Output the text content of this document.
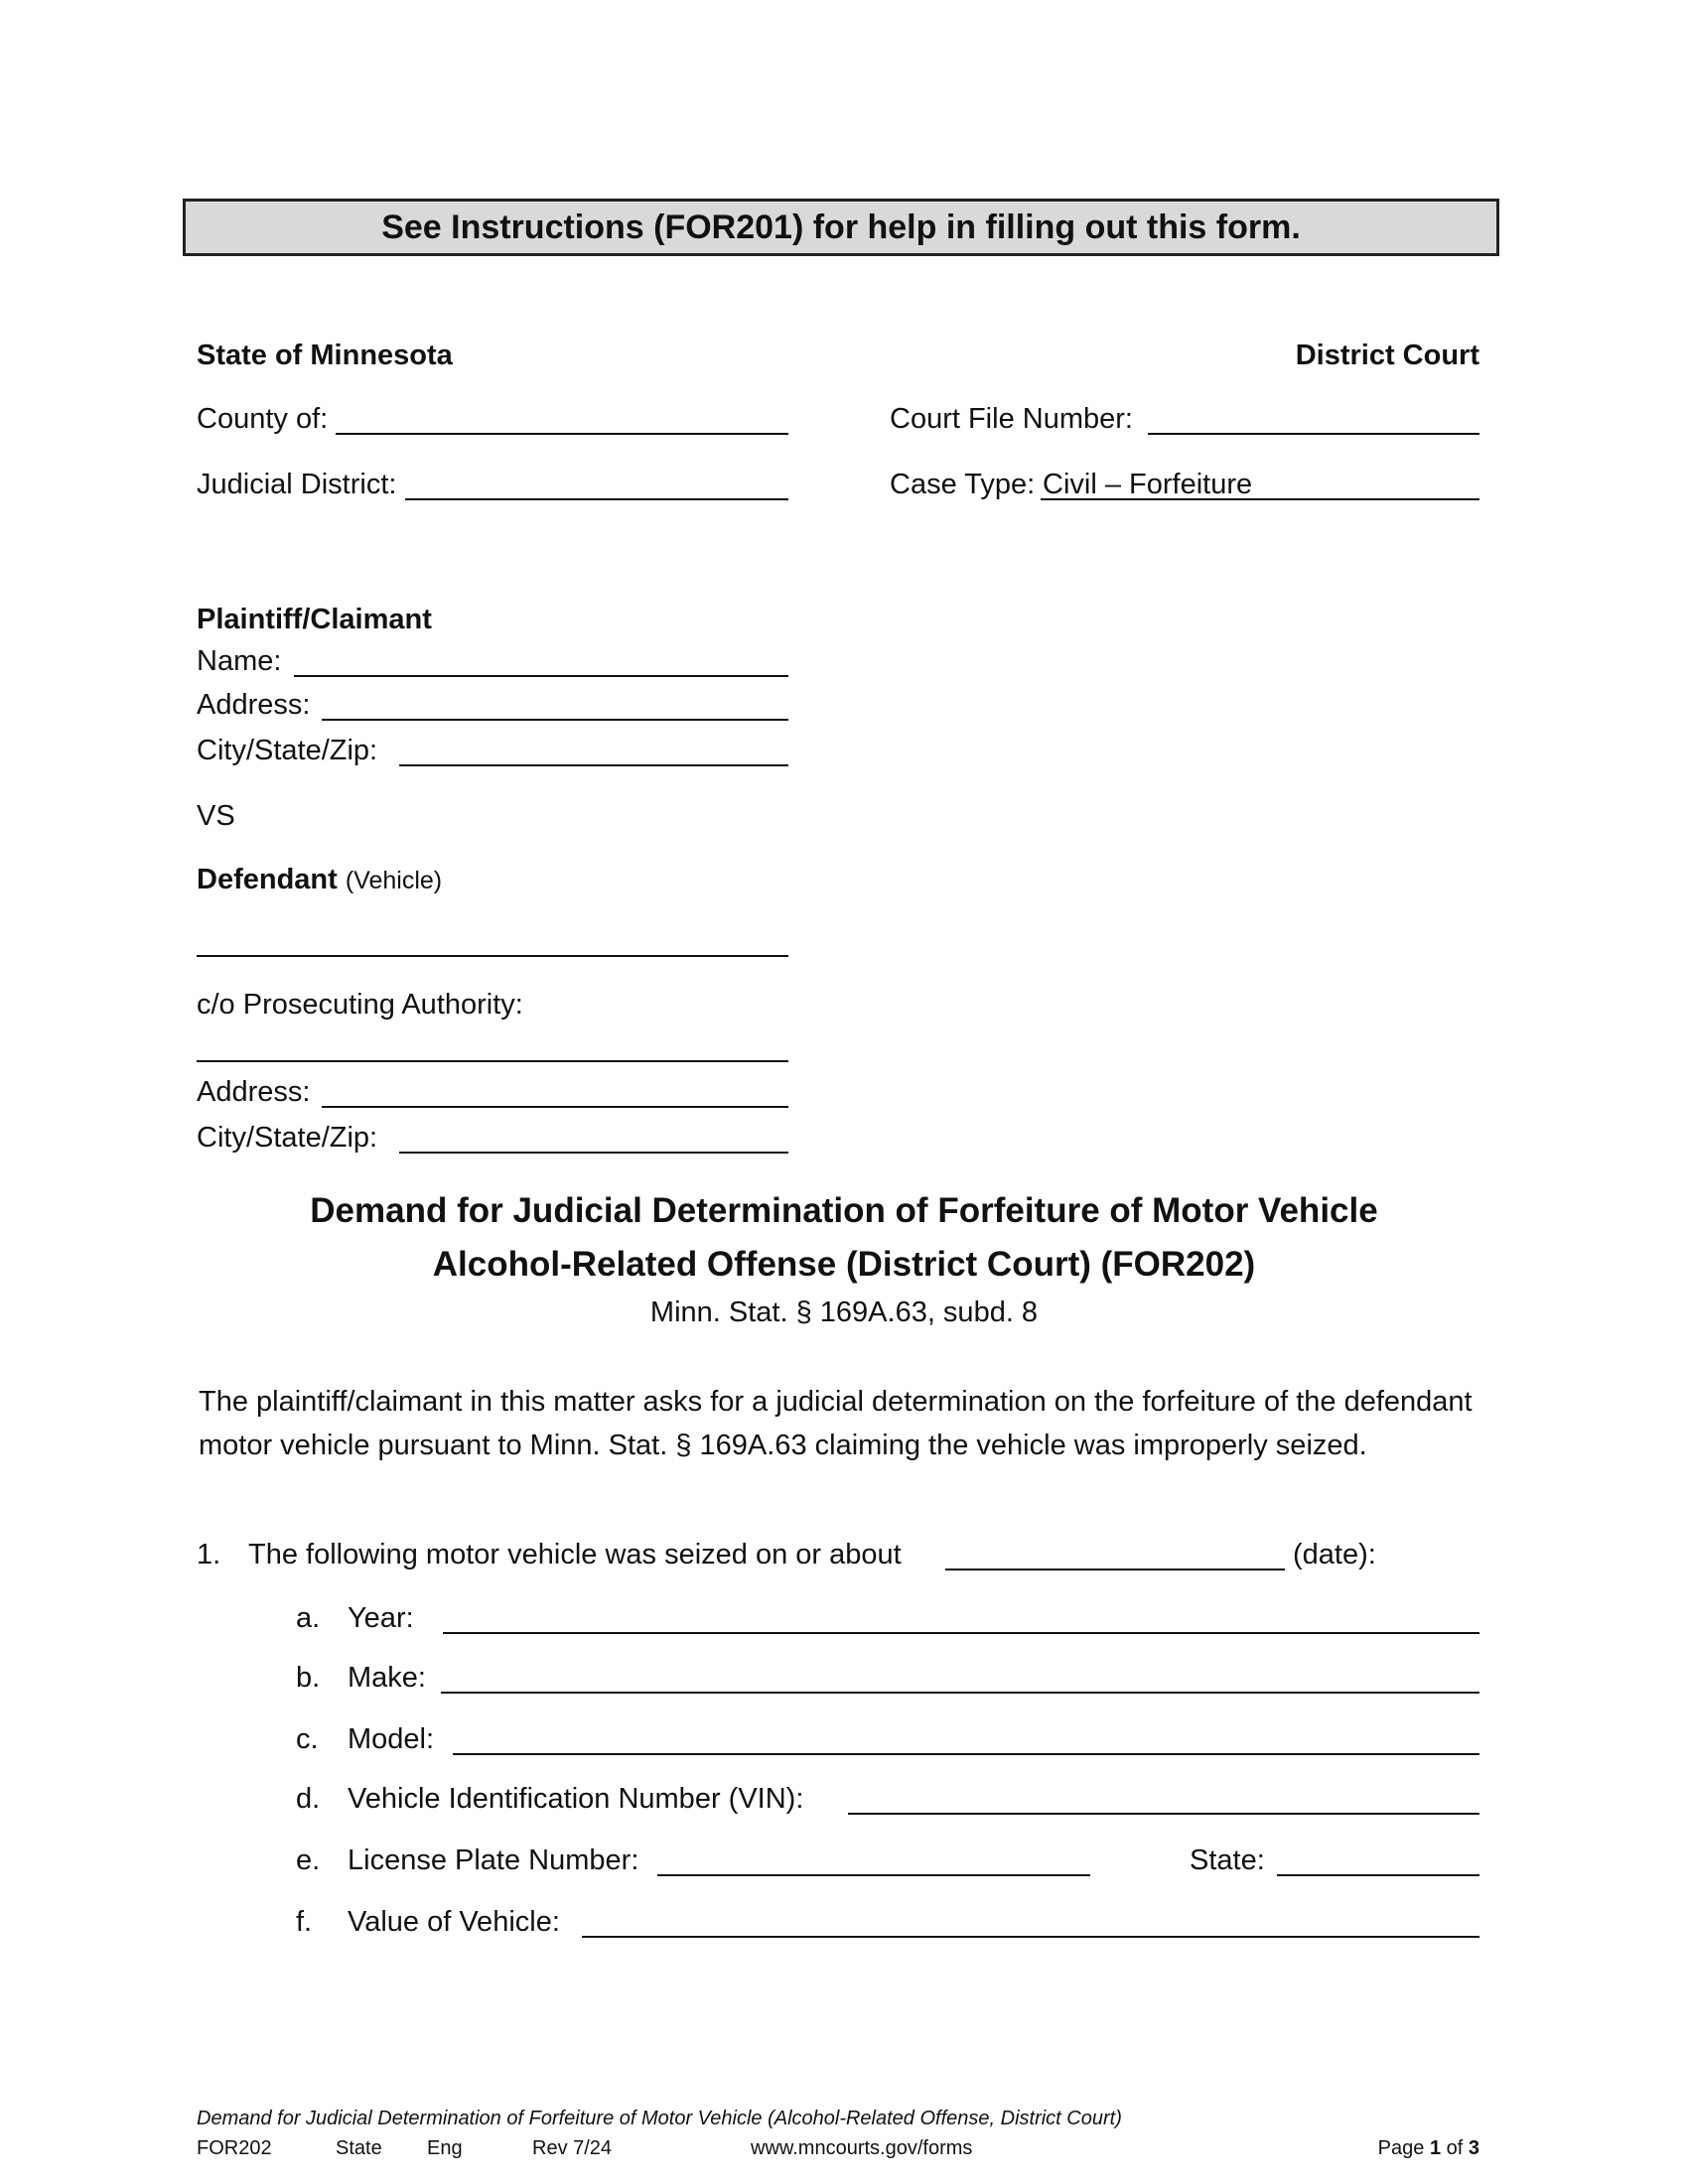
See Instructions (FOR201) for help in filling out this form.
State of Minnesota	District Court
County of:
Judicial District:
Court File Number:
Case Type: Civil – Forfeiture
Plaintiff/Claimant
Name:
Address:
City/State/Zip:
VS
Defendant (Vehicle)
c/o Prosecuting Authority:
Address:
City/State/Zip:
Demand for Judicial Determination of Forfeiture of Motor Vehicle
Alcohol-Related Offense (District Court) (FOR202)
Minn. Stat. § 169A.63, subd. 8
The plaintiff/claimant in this matter asks for a judicial determination on the forfeiture of the defendant motor vehicle pursuant to Minn. Stat. § 169A.63 claiming the vehicle was improperly seized.
1. The following motor vehicle was seized on or about	(date):
a. Year:
b. Make:
c. Model:
d. Vehicle Identification Number (VIN):
e. License Plate Number:	State:
f. Value of Vehicle:
Demand for Judicial Determination of Forfeiture of Motor Vehicle (Alcohol-Related Offense, District Court)
FOR202	State Eng	Rev 7/24	www.mncourts.gov/forms	Page 1 of 3
